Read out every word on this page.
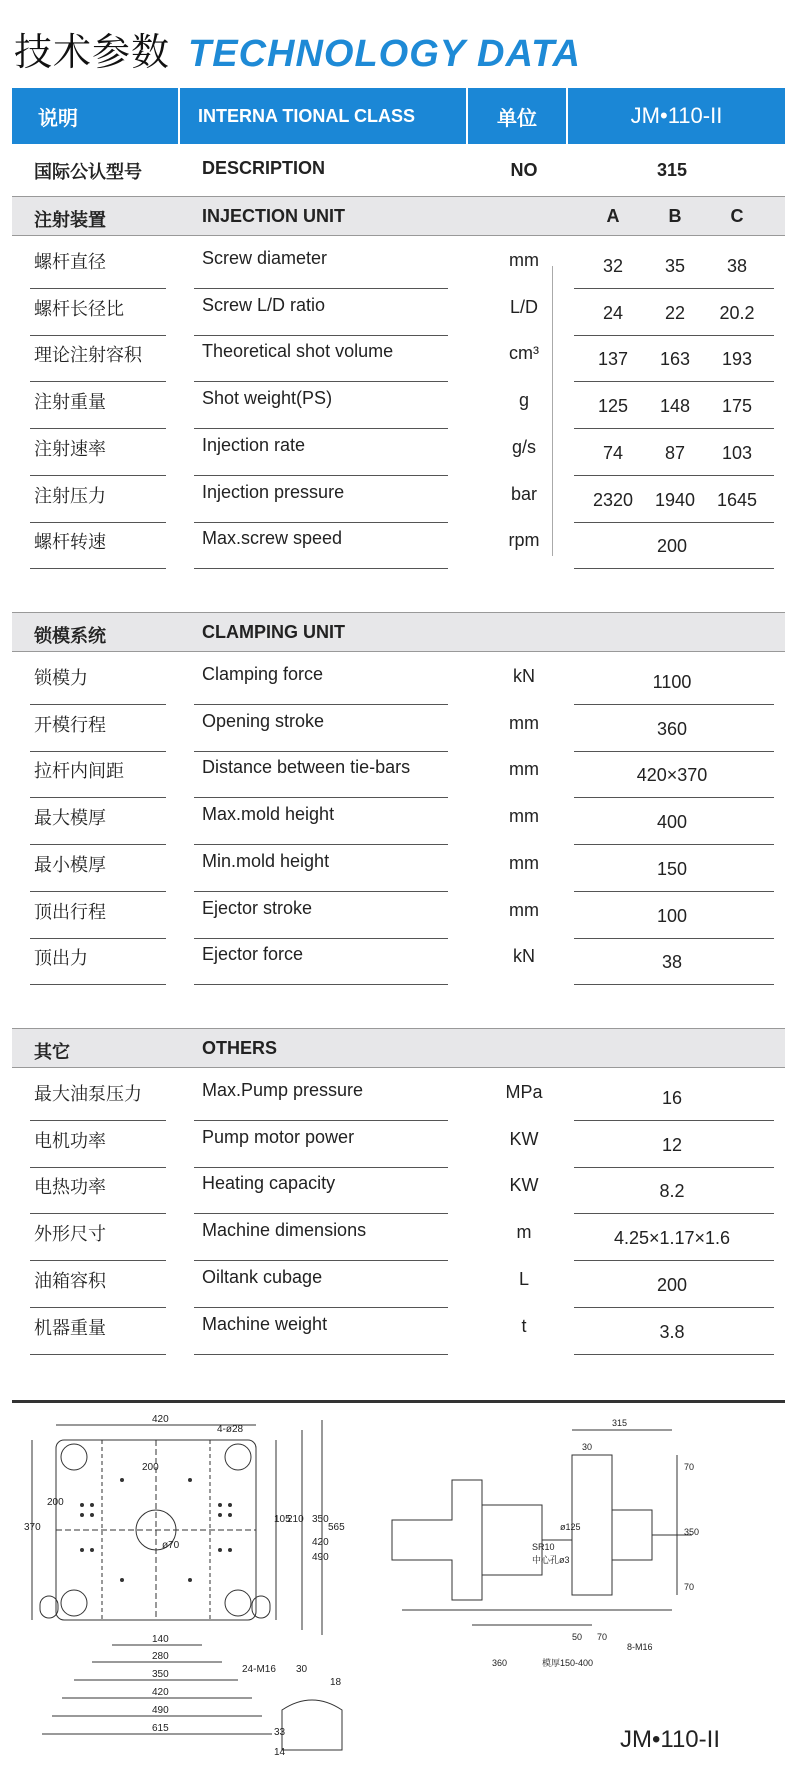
技术参数 TECHNOLOGY DATA
说明	INTERNA TIONAL CLASS	单位	JM•110-II
国际公认型号	DESCRIPTION	NO	315
注射装置	INJECTION UNIT	A	B	C
螺杆直径	Screw diameter	mm	32	35	38
螺杆长径比	Screw L/D ratio	L/D	24	22	20.2
理论注射容积	Theoretical shot volume	cm³	137	163	193
注射重量	Shot weight(PS)	g	125	148	175
注射速率	Injection rate	g/s	74	87	103
注射压力	Injection pressure	bar	2320	1940	1645
螺杆转速	Max.screw speed	rpm	200
锁模系统	CLAMPING UNIT
锁模力	Clamping force	kN	1100
开模行程	Opening stroke	mm	360
拉杆内间距	Distance between tie-bars	mm	420×370
最大模厚	Max.mold height	mm	400
最小模厚	Min.mold height	mm	150
顶出行程	Ejector stroke	mm	100
顶出力	Ejector force	kN	38
其它	OTHERS
最大油泵压力	Max.Pump pressure	MPa	16
电机功率	Pump motor power	KW	12
电热功率	Heating capacity	KW	8.2
外形尺寸	Machine dimensions	m	4.25×1.17×1.6
油箱容积	Oiltank cubage	L	200
机器重量	Machine weight	t	3.8
420
4-ø28
200
200
ø70
105
210 350
420
490
565
370
140
280
350
420
490
615
24-M16 30
18
33
14
315
30
70
350
70
ø125
SR10
中心孔ø3
50 70
8-M16
360	模厚150-400
JM•110-II
